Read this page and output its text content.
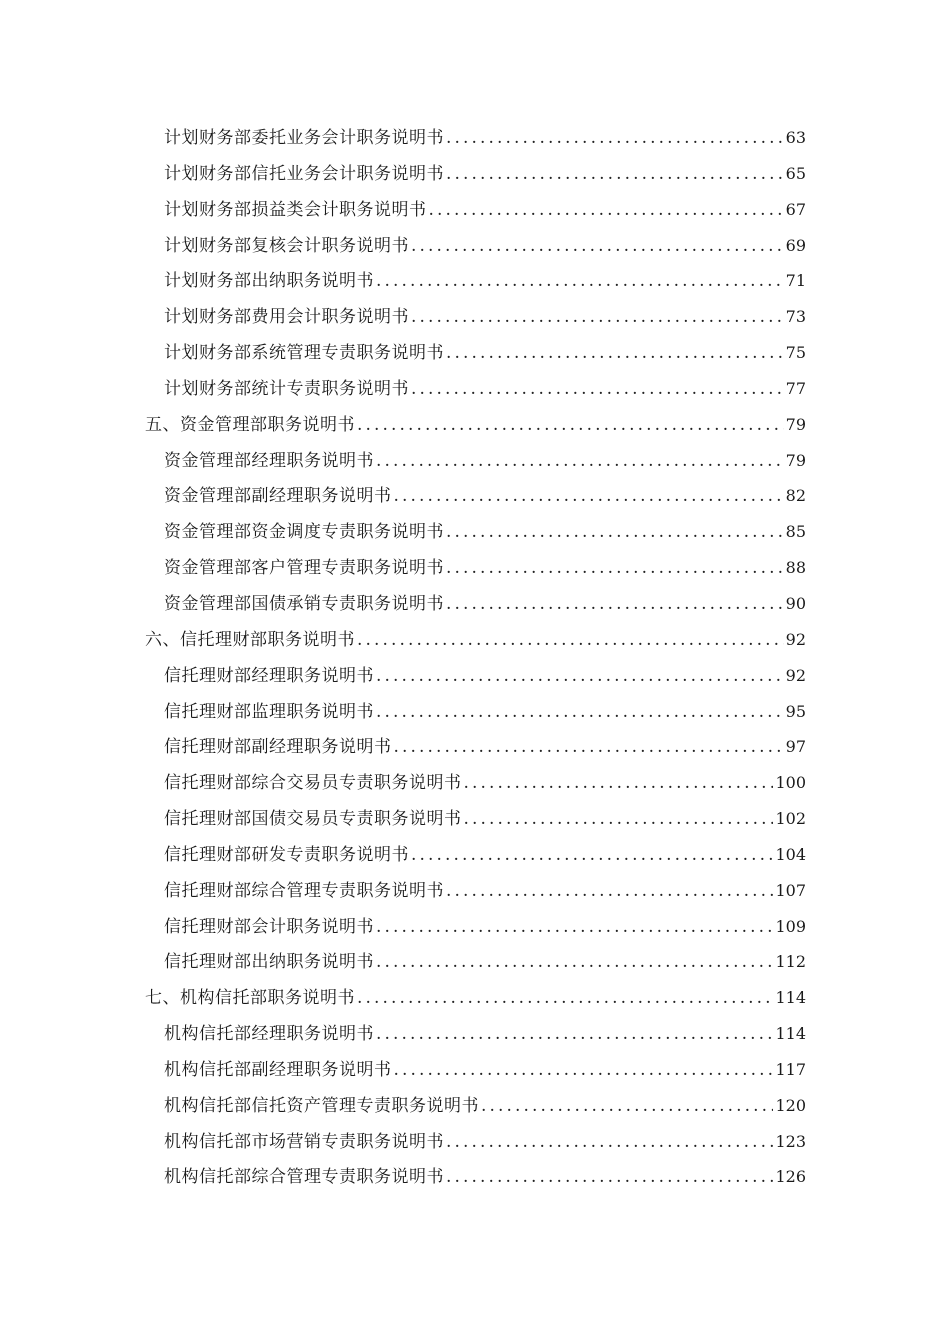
计划财务部委托业务会计职务说明书 .....	63
计划财务部信托业务会计职务说明书 .....	65
计划财务部损益类会计职务说明书 .....	67
计划财务部复核会计职务说明书 .....	69
计划财务部出纳职务说明书 .....	71
计划财务部费用会计职务说明书 .....	73
计划财务部系统管理专责职务说明书 .....	75
计划财务部统计专责职务说明书 .....	77
五、资金管理部职务说明书 .....	79
资金管理部经理职务说明书 .....	79
资金管理部副经理职务说明书 .....	82
资金管理部资金调度专责职务说明书 .....	85
资金管理部客户管理专责职务说明书 .....	88
资金管理部国债承销专责职务说明书 .....	90
六、信托理财部职务说明书 .....	92
信托理财部经理职务说明书 .....	92
信托理财部监理职务说明书 .....	95
信托理财部副经理职务说明书 .....	97
信托理财部综合交易员专责职务说明书 .....	100
信托理财部国债交易员专责职务说明书 .....	102
信托理财部研发专责职务说明书 .....	104
信托理财部综合管理专责职务说明书 .....	107
信托理财部会计职务说明书 .....	109
信托理财部出纳职务说明书 .....	112
七、机构信托部职务说明书 .....	114
机构信托部经理职务说明书 .....	114
机构信托部副经理职务说明书 .....	117
机构信托部信托资产管理专责职务说明书 .....	120
机构信托部市场营销专责职务说明书 .....	123
机构信托部综合管理专责职务说明书 .....	126
